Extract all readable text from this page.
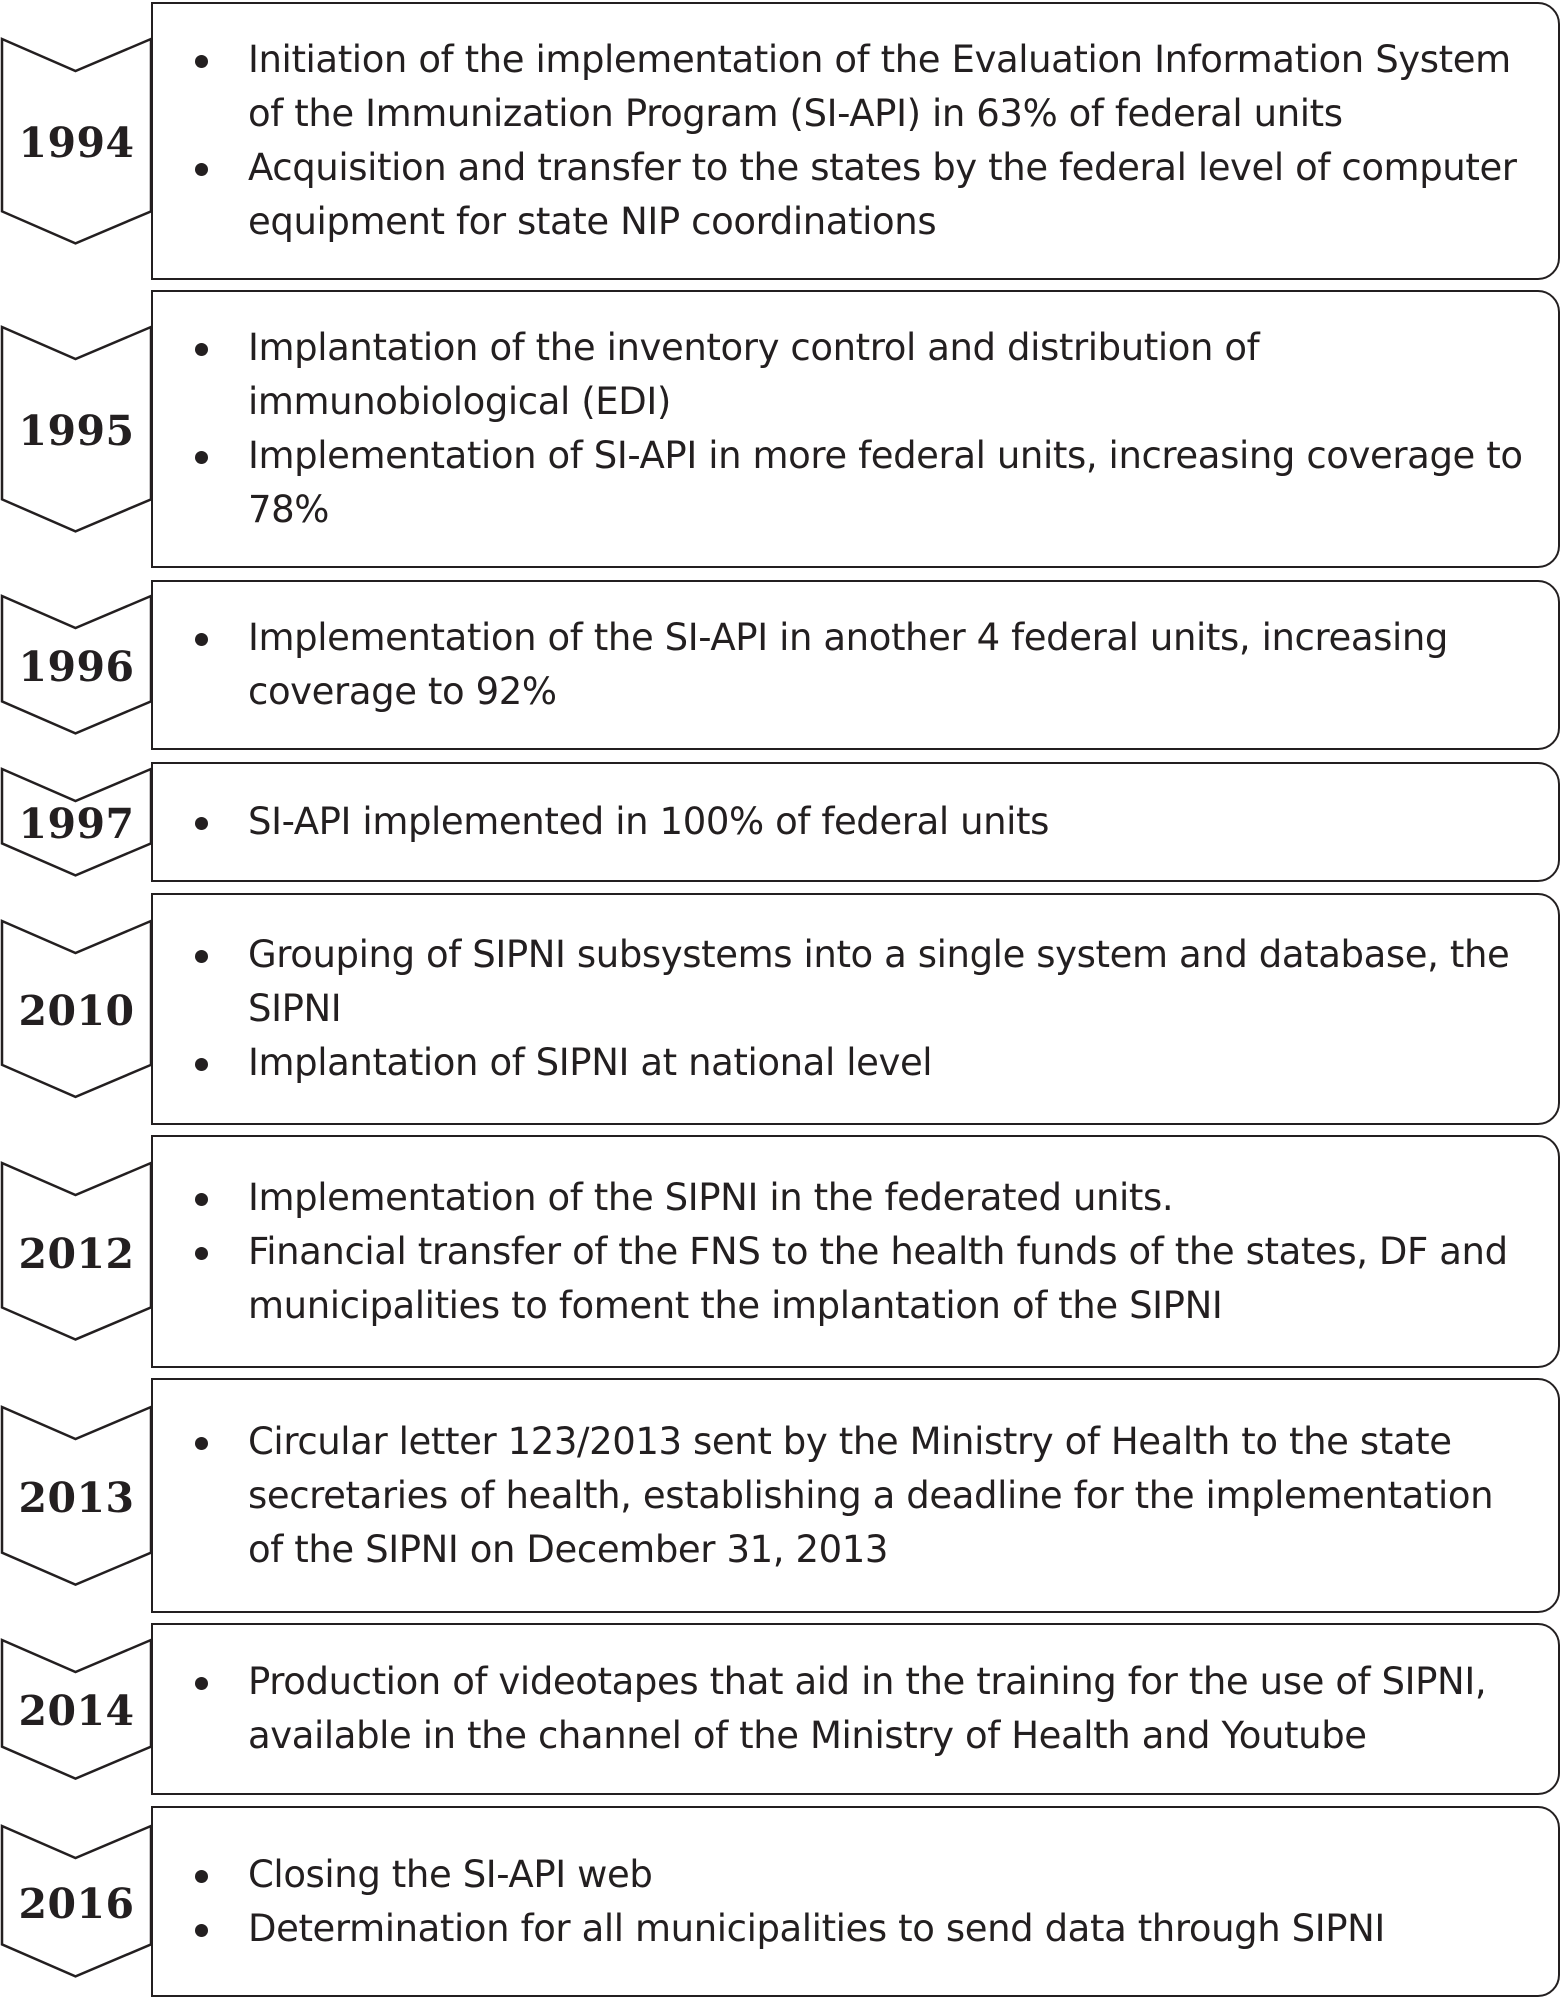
1994
Initiation of the implementation of the Evaluation Information System of the Immunization Program (SI-API) in 63% of federal units
Acquisition and transfer to the states by the federal level of computer equipment for state NIP coordinations
1995
Implantation of the inventory control and distribution of immunobiological (EDI)
Implementation of SI-API in more federal units, increasing coverage to 78%
1996
Implementation of the SI-API in another 4 federal units, increasing coverage to 92%
1997	SI-API implemented in 100% of federal units
2010
Grouping of SIPNI subsystems into a single system and database, the SIPNI
Implantation of SIPNI at national level
2012
Implementation of the SIPNI in the federated units.
Financial transfer of the FNS to the health funds of the states, DF and municipalities to foment the implantation of the SIPNI
2013
Circular letter 123/2013 sent by the Ministry of Health to the state secretaries of health, establishing a deadline for the implementation of the SIPNI on December 31, 2013
2014
Production of videotapes that aid in the training for the use of SIPNI, available in the channel of the Ministry of Health and Youtube
2016
Closing the SI-API web
Determination for all municipalities to send data through SIPNI
